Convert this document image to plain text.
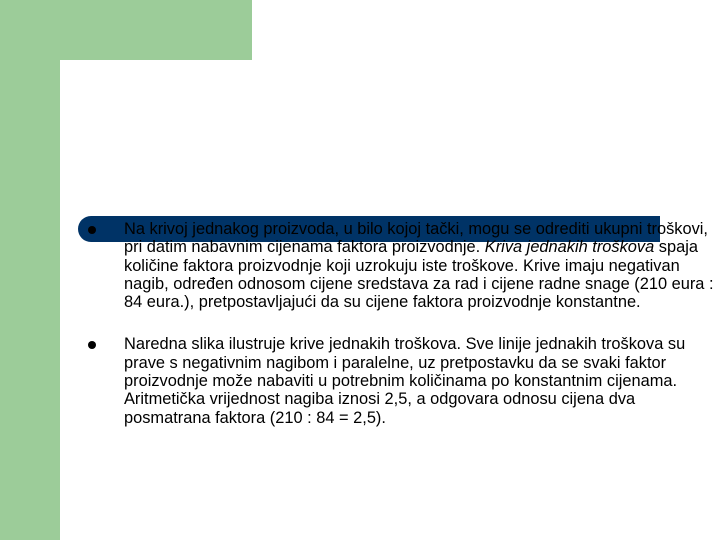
Na krivoj jednakog proizvoda, u bilo kojoj tački, mogu se odrediti ukupni troškovi, pri datim nabavnim cijenama faktora proizvodnje. Kriva jednakih troškova spaja količine faktora proizvodnje koji uzrokuju iste troškove. Krive imaju negativan nagib, određen odnosom cijene sredstava za rad i cijene radne snage (210 eura : 84 eura.), pretpostavljajući da su cijene faktora proizvodnje konstantne.
Naredna slika ilustruje krive jednakih troškova. Sve linije jednakih troškova su prave s negativnim nagibom i paralelne, uz pretpostavku da se svaki faktor proizvodnje može nabaviti u potrebnim količinama po konstantnim cijenama. Aritmetička vrijednost nagiba iznosi 2,5, a odgovara odnosu cijena dva posmatrana faktora (210 : 84 = 2,5).
